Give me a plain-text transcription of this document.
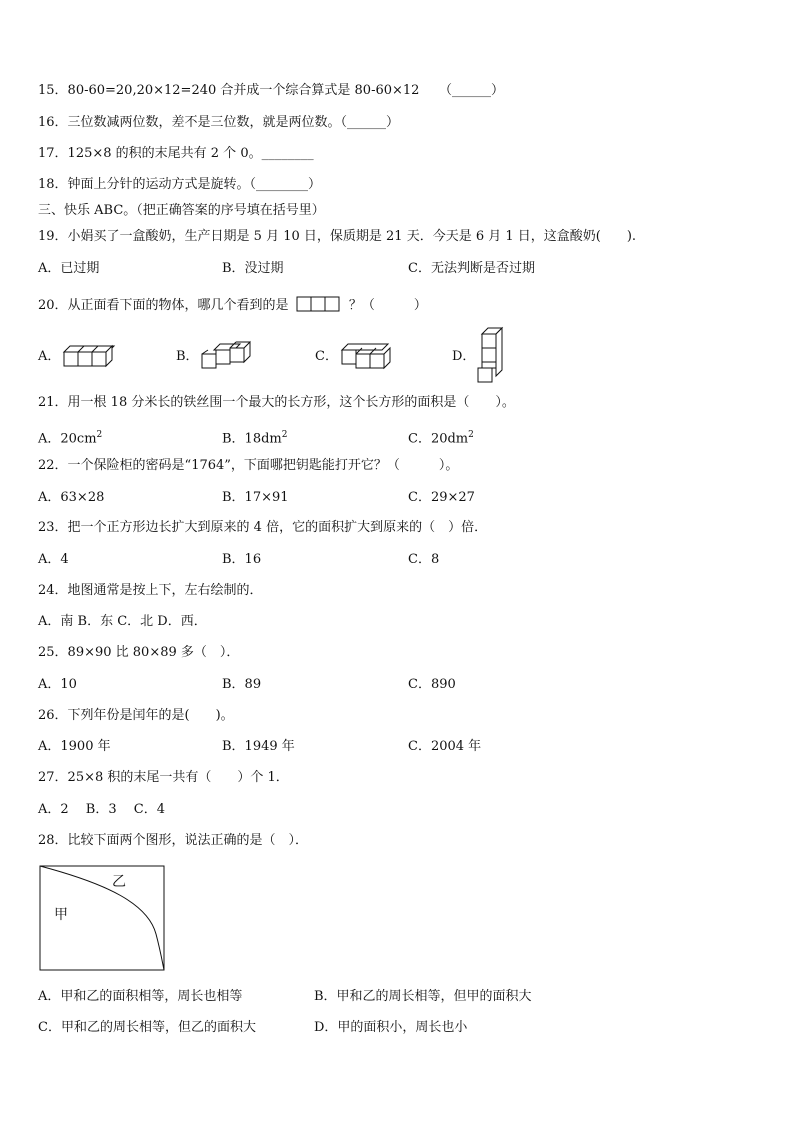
15．80-60=20,20×12=240 合并成一个综合算式是 80-60×12　　（______）
16．三位数减两位数，差不是三位数，就是两位数。（______）
17．125×8 的积的末尾共有 2 个 0。________
18．钟面上分针的运动方式是旋转。（________）
三、快乐 ABC。（把正确答案的序号填在括号里）
19．小娟买了一盒酸奶，生产日期是 5 月 10 日，保质期是 21 天．今天是 6 月 1 日，这盒酸奶(　　).
A．已过期	B．没过期	C．无法判断是否过期
20．从正面看下面的物体，哪几个看到的是	？（　　　）
A．	B．	C．	D．
21．用一根 18 分米长的铁丝围一个最大的长方形，这个长方形的面积是（　　）。
A．$20cm^2$	B．$18dm^2$	C．$20dm^2$
22．一个保险柜的密码是“1764”，下面哪把钥匙能打开它？（　　　）。
A．63×28	B．17×91	C．29×27
23．把一个正方形边长扩大到原来的 4 倍，它的面积扩大到原来的（　）倍．
A．4	B．16	C．8
24．地图通常是按上下，左右绘制的．
A．南 B．东 C．北 D．西．
25．89×90 比 80×89 多（　）．
A．10	B．89	C．890
26．下列年份是闰年的是(　　)。
A．1900 年	B．1949 年	C．2004 年
27．25×8 积的末尾一共有（　　）个 1．
A．2　 B．3　 C．4
28．比较下面两个图形，说法正确的是（　）．
乙
甲
A．甲和乙的面积相等，周长也相等	B．甲和乙的周长相等，但甲的面积大
C．甲和乙的周长相等，但乙的面积大	D．甲的面积小，周长也小
